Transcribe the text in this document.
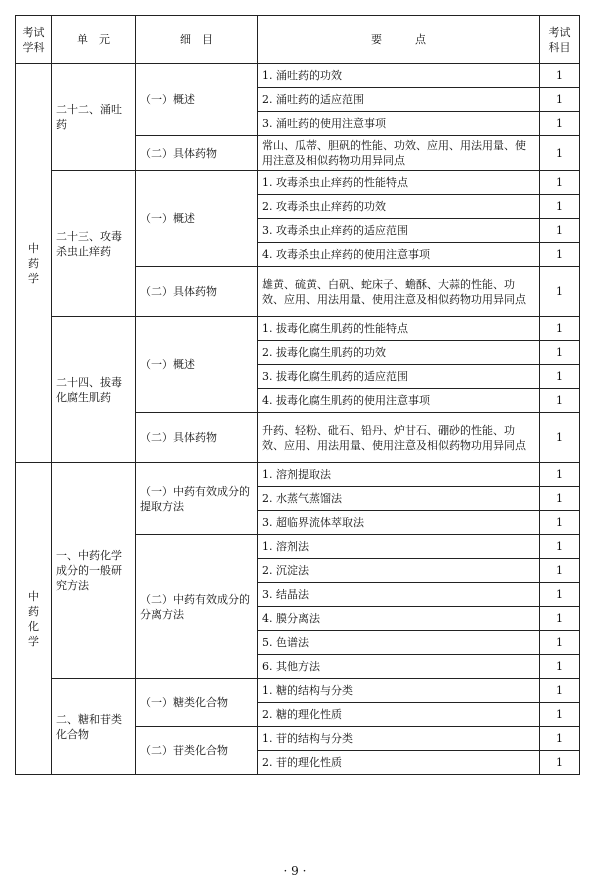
考试学科	单　元	细　目	要　　　点	考试科目
中药学	二十二、涌吐药	（一）概述	1. 涌吐药的功效	1
			2. 涌吐药的适应范围	1
			3. 涌吐药的使用注意事项	1
		（二）具体药物	常山、瓜蒂、胆矾的性能、功效、应用、用法用量、使用注意及相似药物功用异同点	1
	二十三、攻毒杀虫止痒药	（一）概述	1. 攻毒杀虫止痒药的性能特点	1
			2. 攻毒杀虫止痒药的功效	1
			3. 攻毒杀虫止痒药的适应范围	1
			4. 攻毒杀虫止痒药的使用注意事项	1
		（二）具体药物	雄黄、硫黄、白矾、蛇床子、蟾酥、大蒜的性能、功效、应用、用法用量、使用注意及相似药物功用异同点	1
	二十四、拔毒化腐生肌药	（一）概述	1. 拔毒化腐生肌药的性能特点	1
			2. 拔毒化腐生肌药的功效	1
			3. 拔毒化腐生肌药的适应范围	1
			4. 拔毒化腐生肌药的使用注意事项	1
		（二）具体药物	升药、轻粉、砒石、铅丹、炉甘石、硼砂的性能、功效、应用、用法用量、使用注意及相似药物功用异同点	1
中药化学	一、中药化学成分的一般研究方法	（一）中药有效成分的提取方法	1. 溶剂提取法	1
			2. 水蒸气蒸馏法	1
			3. 超临界流体萃取法	1
		（二）中药有效成分的分离方法	1. 溶剂法	1
			2. 沉淀法	1
			3. 结晶法	1
			4. 膜分离法	1
			5. 色谱法	1
			6. 其他方法	1
	二、糖和苷类化合物	（一）糖类化合物	1. 糖的结构与分类	1
			2. 糖的理化性质	1
		（二）苷类化合物	1. 苷的结构与分类	1
			2. 苷的理化性质	1
· 9 ·
